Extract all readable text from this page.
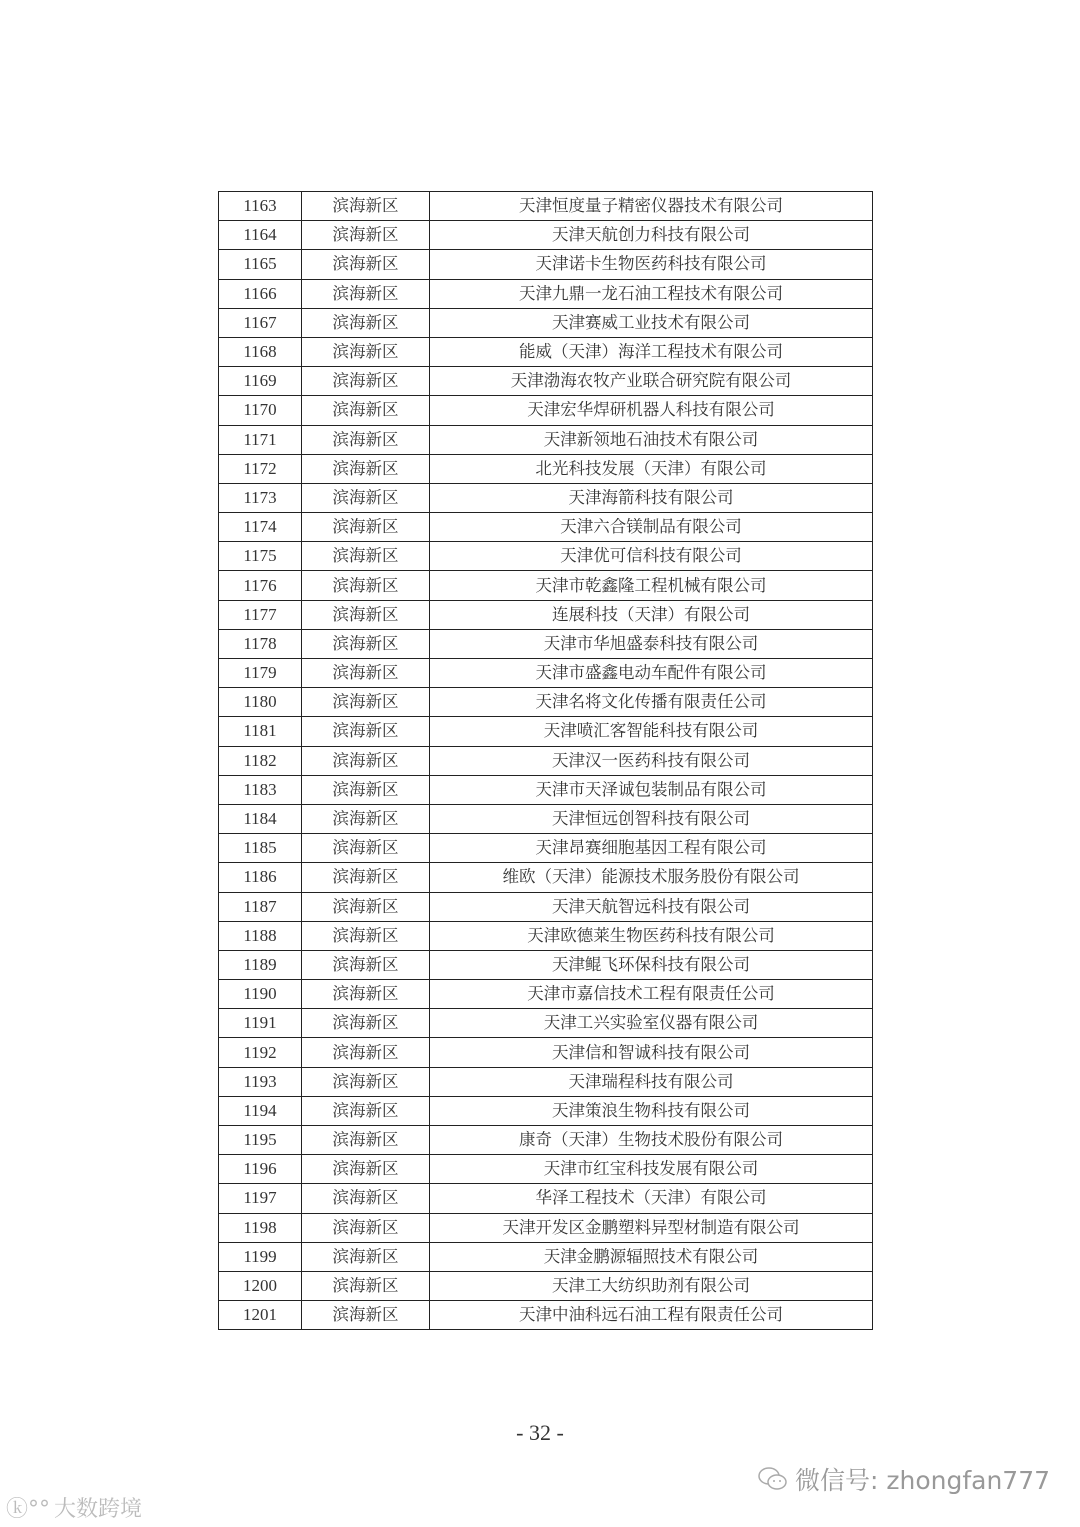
1163	滨海新区	天津恒度量子精密仪器技术有限公司
1164	滨海新区	天津天航创力科技有限公司
1165	滨海新区	天津诺卡生物医药科技有限公司
1166	滨海新区	天津九鼎一龙石油工程技术有限公司
1167	滨海新区	天津赛威工业技术有限公司
1168	滨海新区	能威（天津）海洋工程技术有限公司
1169	滨海新区	天津渤海农牧产业联合研究院有限公司
1170	滨海新区	天津宏华焊研机器人科技有限公司
1171	滨海新区	天津新领地石油技术有限公司
1172	滨海新区	北光科技发展（天津）有限公司
1173	滨海新区	天津海箭科技有限公司
1174	滨海新区	天津六合镁制品有限公司
1175	滨海新区	天津优可信科技有限公司
1176	滨海新区	天津市乾鑫隆工程机械有限公司
1177	滨海新区	连展科技（天津）有限公司
1178	滨海新区	天津市华旭盛泰科技有限公司
1179	滨海新区	天津市盛鑫电动车配件有限公司
1180	滨海新区	天津名将文化传播有限责任公司
1181	滨海新区	天津喷汇客智能科技有限公司
1182	滨海新区	天津汉一医药科技有限公司
1183	滨海新区	天津市天泽诚包装制品有限公司
1184	滨海新区	天津恒远创智科技有限公司
1185	滨海新区	天津昂赛细胞基因工程有限公司
1186	滨海新区	维欧（天津）能源技术服务股份有限公司
1187	滨海新区	天津天航智远科技有限公司
1188	滨海新区	天津欧德莱生物医药科技有限公司
1189	滨海新区	天津鲲飞环保科技有限公司
1190	滨海新区	天津市嘉信技术工程有限责任公司
1191	滨海新区	天津工兴实验室仪器有限公司
1192	滨海新区	天津信和智诚科技有限公司
1193	滨海新区	天津瑞程科技有限公司
1194	滨海新区	天津策浪生物科技有限公司
1195	滨海新区	康奇（天津）生物技术股份有限公司
1196	滨海新区	天津市红宝科技发展有限公司
1197	滨海新区	华泽工程技术（天津）有限公司
1198	滨海新区	天津开发区金鹏塑料异型材制造有限公司
1199	滨海新区	天津金鹏源辐照技术有限公司
1200	滨海新区	天津工大纺织助剂有限公司
1201	滨海新区	天津中油科远石油工程有限责任公司
- 32 -
微信号: zhongfan777
ⓚ°° 大数跨境
